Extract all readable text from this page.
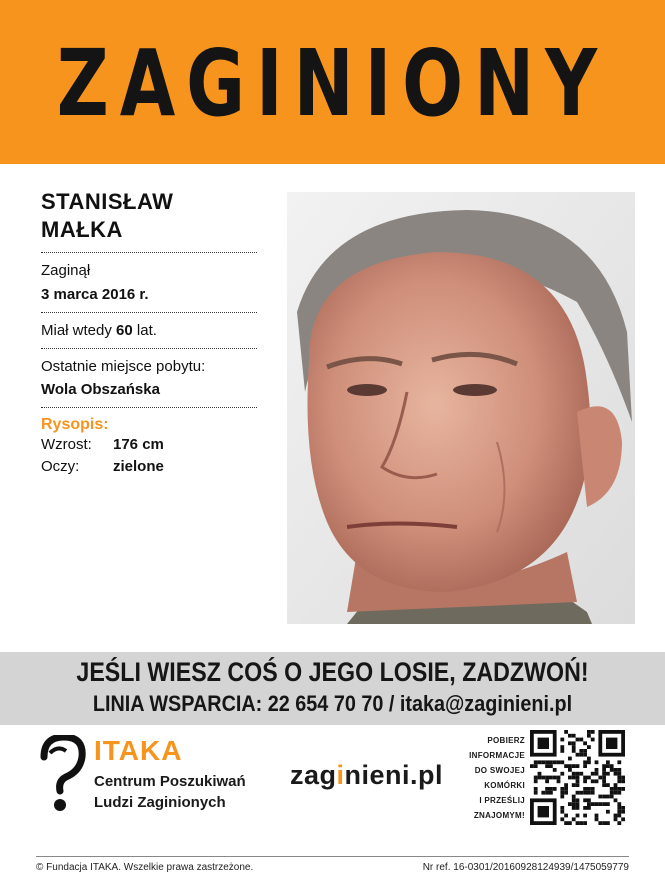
ZAGINIONY
STANISŁAW
MAŁKA
Zaginął
3 marca 2016 r.
Miał wtedy 60 lat.
Ostatnie miejsce pobytu:
Wola Obszańska
Rysopis:
Wzrost:	176 cm
Oczy:	zielone
JEŚLI WIESZ COŚ O JEGO LOSIE, ZADZWOŃ!
LINIA WSPARCIA: 22 654 70 70 / itaka@zaginieni.pl
ITAKA
Centrum Poszukiwań
Ludzi Zaginionych
zaginieni.pl
POBIERZ
INFORMACJE
DO SWOJEJ
KOMÓRKI
I PRZEŚLIJ
ZNAJOMYM!
© Fundacja ITAKA. Wszelkie prawa zastrzeżone.	Nr ref. 16-0301/20160928124939/1475059779
